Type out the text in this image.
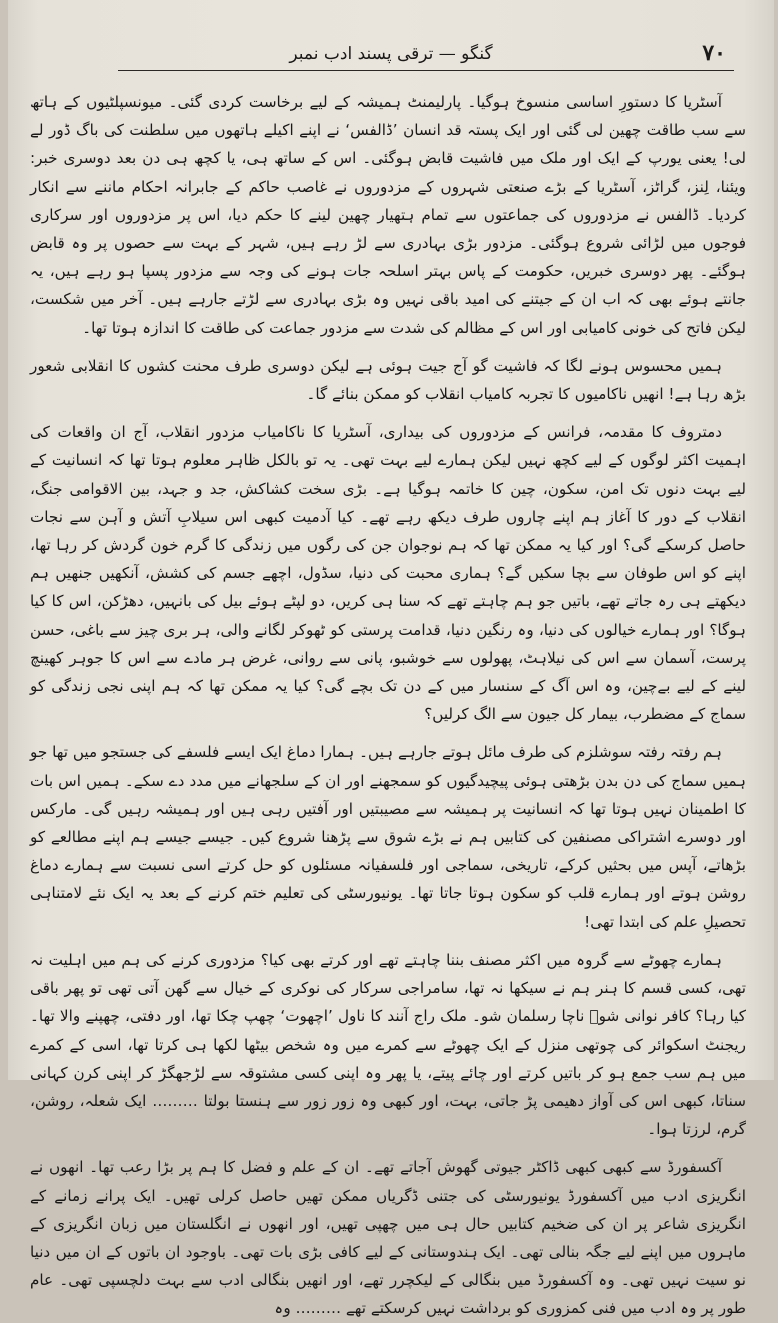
۷۰
گنگو — ترقی پسند ادب نمبر

آسٹریا کا دستورِ اساسی منسوخ ہوگیا۔ پارلیمنٹ ہمیشہ کے لیے برخاست کردی گئی۔ میونسپلٹیوں کے ہاتھ سے سب طاقت چھین لی گئی اور ایک پستہ قد انسان ’ڈالفس‘ نے اپنے اکیلے ہاتھوں میں سلطنت کی باگ ڈور لے لی! یعنی یورپ کے ایک اور ملک میں فاشیت قابض ہوگئی۔ اس کے ساتھ ہی، یا کچھ ہی دن بعد دوسری خبر: ویئنا، لِنز، گراٹز، آسٹریا کے بڑے صنعتی شہروں کے مزدوروں نے غاصب حاکم کے جابرانہ احکام ماننے سے انکار کردیا۔ ڈالفس نے مزدوروں کی جماعتوں سے تمام ہتھیار چھین لینے کا حکم دیا، اس پر مزدوروں اور سرکاری فوجوں میں لڑائی شروع ہوگئی۔ مزدور بڑی بہادری سے لڑ رہے ہیں، شہر کے بہت سے حصوں پر وہ قابض ہوگئے۔ پھر دوسری خبریں، حکومت کے پاس بہتر اسلحہ جات ہونے کی وجہ سے مزدور پسپا ہو رہے ہیں، یہ جانتے ہوئے بھی کہ اب ان کے جیتنے کی امید باقی نہیں وہ بڑی بہادری سے لڑتے جارہے ہیں۔ آخر میں شکست، لیکن فاتح کی خونی کامیابی اور اس کے مظالم کی شدت سے مزدور جماعت کی طاقت کا اندازہ ہوتا تھا۔

ہمیں محسوس ہونے لگا کہ فاشیت گو آج جیت ہوئی ہے لیکن دوسری طرف محنت کشوں کا انقلابی شعور بڑھ رہا ہے! انھیں ناکامیوں کا تجربہ کامیاب انقلاب کو ممکن بنائے گا۔

دمتروف کا مقدمہ، فرانس کے مزدوروں کی بیداری، آسٹریا کا ناکامیاب مزدور انقلاب، آج ان واقعات کی اہمیت اکثر لوگوں کے لیے کچھ نہیں لیکن ہمارے لیے بہت تھی۔ یہ تو بالکل ظاہر معلوم ہوتا تھا کہ انسانیت کے لیے بہت دنوں تک امن، سکون، چین کا خاتمہ ہوگیا ہے۔ بڑی سخت کشاکش، جد و جہد، بین الاقوامی جنگ، انقلاب کے دور کا آغاز ہم اپنے چاروں طرف دیکھ رہے تھے۔ کیا آدمیت کبھی اس سیلابِ آتش و آہن سے نجات حاصل کرسکے گی؟ اور کیا یہ ممکن تھا کہ ہم نوجوان جن کی رگوں میں زندگی کا گرم خون گردش کر رہا تھا، اپنے کو اس طوفان سے بچا سکیں گے؟ ہماری محبت کی دنیا، سڈول، اچھے جسم کی کشش، آنکھیں جنھیں ہم دیکھتے ہی رہ جاتے تھے، باتیں جو ہم چاہتے تھے کہ سنا ہی کریں، دو لپٹے ہوئے بیل کی بانہیں، دھڑکن، اس کا کیا ہوگا؟ اور ہمارے خیالوں کی دنیا، وہ رنگین دنیا، قدامت پرستی کو ٹھوکر لگانے والی، ہر بری چیز سے باغی، حسن پرست، آسمان سے اس کی نیلاہٹ، پھولوں سے خوشبو، پانی سے روانی، غرض ہر مادے سے اس کا جوہر کھینچ لینے کے لیے بےچین، وہ اس آگ کے سنسار میں کے دن تک بچے گی؟ کیا یہ ممکن تھا کہ ہم اپنی نجی زندگی کو سماج کے مضطرب، بیمار کل جیون سے الگ کرلیں؟

ہم رفتہ رفتہ سوشلزم کی طرف مائل ہوتے جارہے ہیں۔ ہمارا دماغ ایک ایسے فلسفے کی جستجو میں تھا جو ہمیں سماج کی دن بدن بڑھتی ہوئی پیچیدگیوں کو سمجھنے اور ان کے سلجھانے میں مدد دے سکے۔ ہمیں اس بات کا اطمینان نہیں ہوتا تھا کہ انسانیت پر ہمیشہ سے مصیبتیں اور آفتیں رہی ہیں اور ہمیشہ رہیں گی۔ مارکس اور دوسرے اشتراکی مصنفین کی کتابیں ہم نے بڑے شوق سے پڑھنا شروع کیں۔ جیسے جیسے ہم اپنے مطالعے کو بڑھاتے، آپس میں بحثیں کرکے، تاریخی، سماجی اور فلسفیانہ مسئلوں کو حل کرتے اسی نسبت سے ہمارے دماغ روشن ہوتے اور ہمارے قلب کو سکون ہوتا جاتا تھا۔ یونیورسٹی کی تعلیم ختم کرنے کے بعد یہ ایک نئے لامتناہی تحصیلِ علم کی ابتدا تھی!

ہمارے چھوٹے سے گروہ میں اکثر مصنف بننا چاہتے تھے اور کرتے بھی کیا؟ مزدوری کرنے کی ہم میں اہلیت نہ تھی، کسی قسم کا ہنر ہم نے سیکھا نہ تھا، سامراجی سرکار کی نوکری کے خیال سے گھن آتی تھی تو پھر باقی کیا رہا؟ کافر نوانی شوؔ ناچا رسلمان شو۔ ملک راج آنند کا ناول ’اچھوت‘ چھپ چکا تھا، اور دفتی، چھپنے والا تھا۔ ریجنٹ اسکوائر کی چوتھی منزل کے ایک چھوٹے سے کمرے میں وہ شخص بیٹھا لکھا ہی کرتا تھا، اسی کے کمرے میں ہم سب جمع ہو کر باتیں کرتے اور چائے پیتے، یا پھر وہ اپنی کسی مشتوقہ سے لڑجھگڑ کر اپنی کرن کہانی سناتا، کبھی اس کی آواز دھیمی پڑ جاتی، بہت، اور کبھی وہ زور زور سے ہنستا بولتا ……… ایک شعلہ، روشن، گرم، لرزتا ہوا۔

آکسفورڈ سے کبھی کبھی ڈاکٹر جیوتی گھوش آجاتے تھے۔ ان کے علم و فضل کا ہم پر بڑا رعب تھا۔ انھوں نے انگریزی ادب میں آکسفورڈ یونیورسٹی کی جتنی ڈگریاں ممکن تھیں حاصل کرلی تھیں۔ ایک پرانے زمانے کے انگریزی شاعر پر ان کی ضخیم کتابیں حال ہی میں چھپی تھیں، اور انھوں نے انگلستان میں زبان انگریزی کے ماہروں میں اپنے لیے جگہ بنالی تھی۔ ایک ہندوستانی کے لیے کافی بڑی بات تھی۔ باوجود ان باتوں کے ان میں دنیا نو سیت نہیں تھی۔ وہ آکسفورڈ میں بنگالی کے لیکچرر تھے، اور انھیں بنگالی ادب سے بہت دلچسپی تھی۔ عام طور پر وہ ادب میں فنی کمزوری کو برداشت نہیں کرسکتے تھے ……… وہ
